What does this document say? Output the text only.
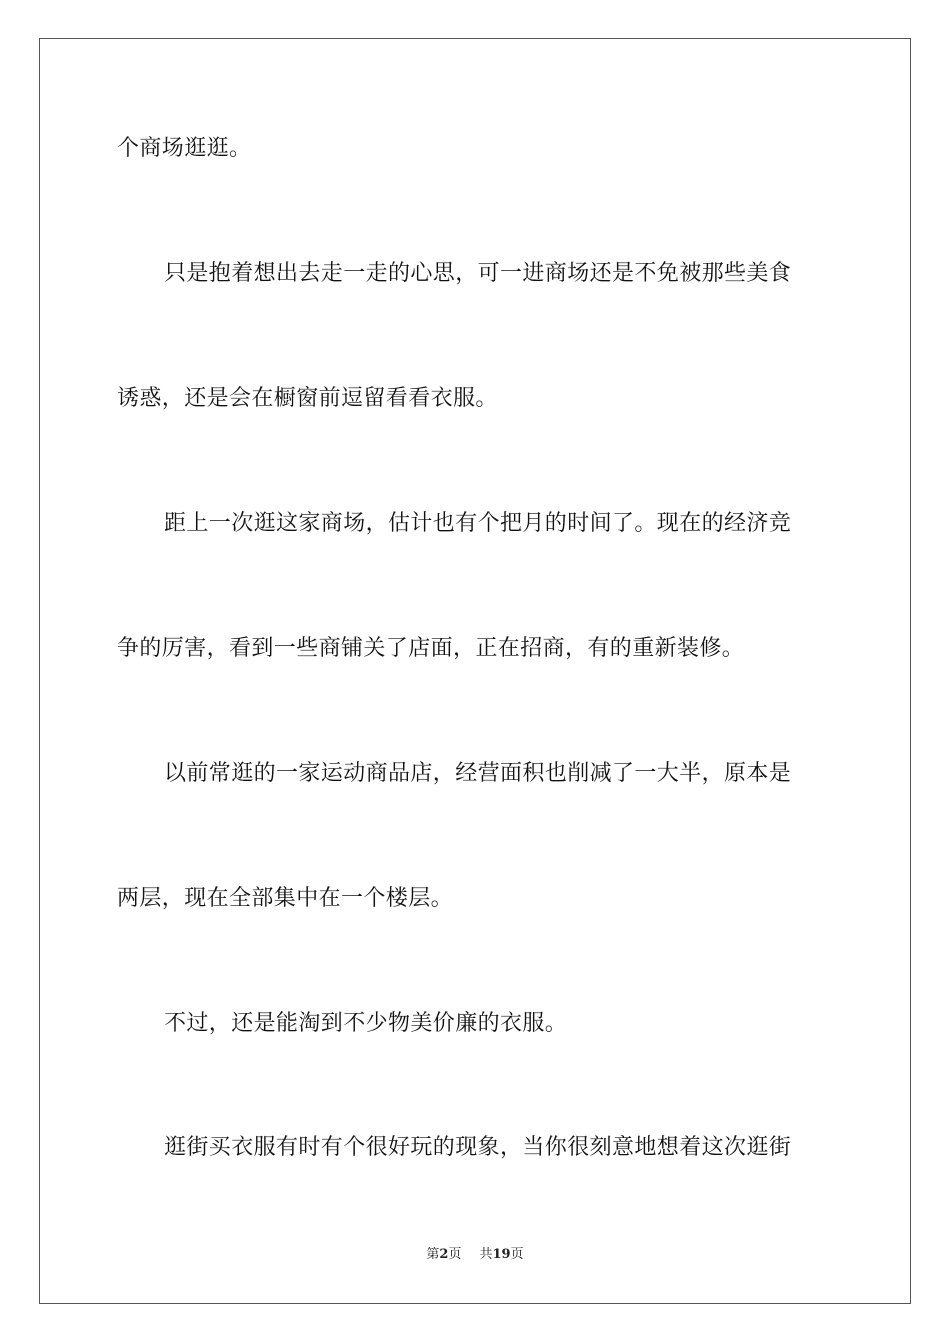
个商场逛逛。
只是抱着想出去走一走的心思，可一进商场还是不免被那些美食
诱惑，还是会在橱窗前逗留看看衣服。
距上一次逛这家商场，估计也有个把月的时间了。现在的经济竞
争的厉害，看到一些商铺关了店面，正在招商，有的重新装修。
以前常逛的一家运动商品店，经营面积也削减了一大半，原本是
两层，现在全部集中在一个楼层。
不过，还是能淘到不少物美价廉的衣服。
逛街买衣服有时有个很好玩的现象，当你很刻意地想着这次逛街
第2页 共19页
